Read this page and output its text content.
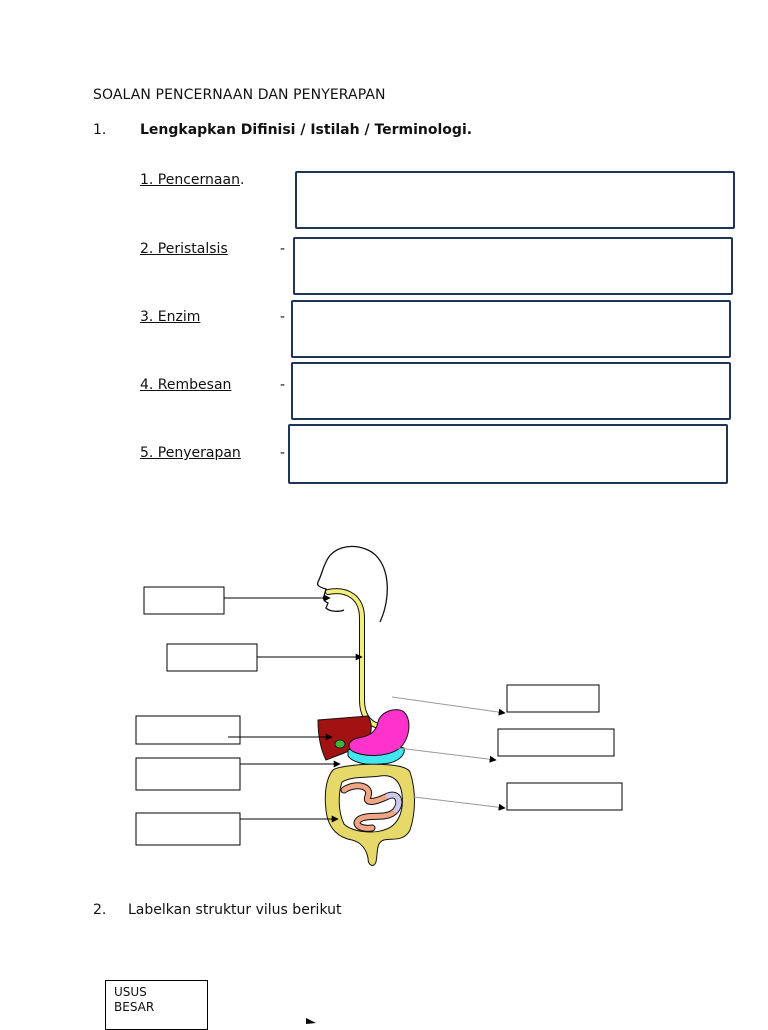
SOALAN PENCERNAAN DAN PENYERAPAN
1. Lengkapkan Difinisi / Istilah / Terminologi.
1. Pencernaan.
2. Peristalsis	-
3. Enzim	-
4. Rembesan	-
5. Penyerapan	-
2. Labelkan struktur vilus berikut
USUS
BESAR
